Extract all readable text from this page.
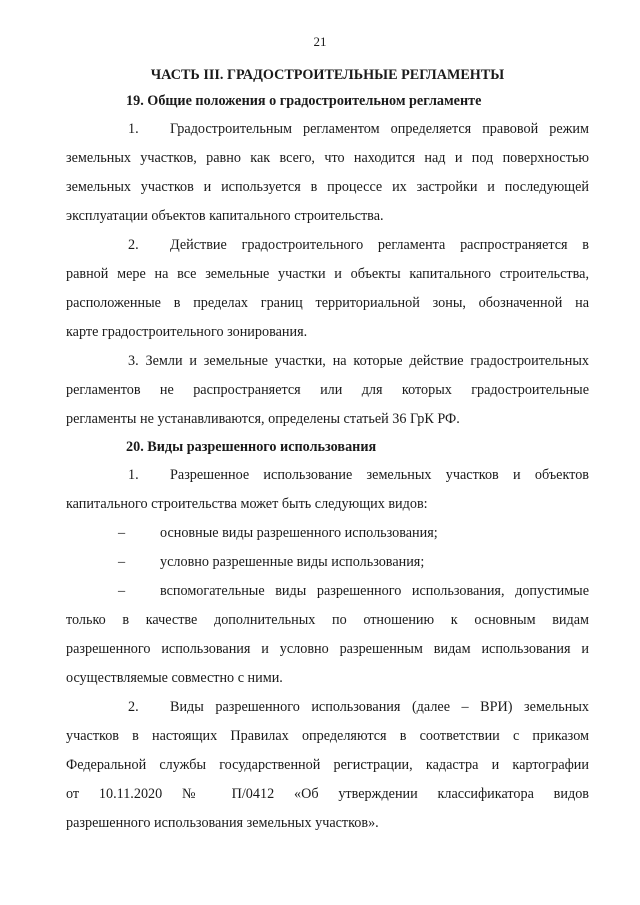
21
ЧАСТЬ III. ГРАДОСТРОИТЕЛЬНЫЕ РЕГЛАМЕНТЫ
19. Общие положения о градостроительном регламенте
1. Градостроительным регламентом определяется правовой режим
земельных участков, равно как всего, что находится над и под поверхностью
земельных участков и используется в процессе их застройки и последующей
эксплуатации объектов капитального строительства.
2. Действие градостроительного регламента распространяется в
равной мере на все земельные участки и объекты капитального строительства,
расположенные в пределах границ территориальной зоны, обозначенной на
карте градостроительного зонирования.
3. Земли и земельные участки, на которые действие градостроительных
регламентов не распространяется или для которых градостроительные
регламенты не устанавливаются, определены статьей 36 ГрК РФ.
20. Виды разрешенного использования
1. Разрешенное использование земельных участков и объектов
капитального строительства может быть следующих видов:
– основные виды разрешенного использования;
– условно разрешенные виды использования;
– вспомогательные виды разрешенного использования, допустимые
только в качестве дополнительных по отношению к основным видам
разрешенного использования и условно разрешенным видам использования и
осуществляемые совместно с ними.
2. Виды разрешенного использования (далее – ВРИ) земельных
участков в настоящих Правилах определяются в соответствии с приказом
Федеральной службы государственной регистрации, кадастра и картографии
от 10.11.2020 № П/0412 «Об утверждении классификатора видов
разрешенного использования земельных участков».
